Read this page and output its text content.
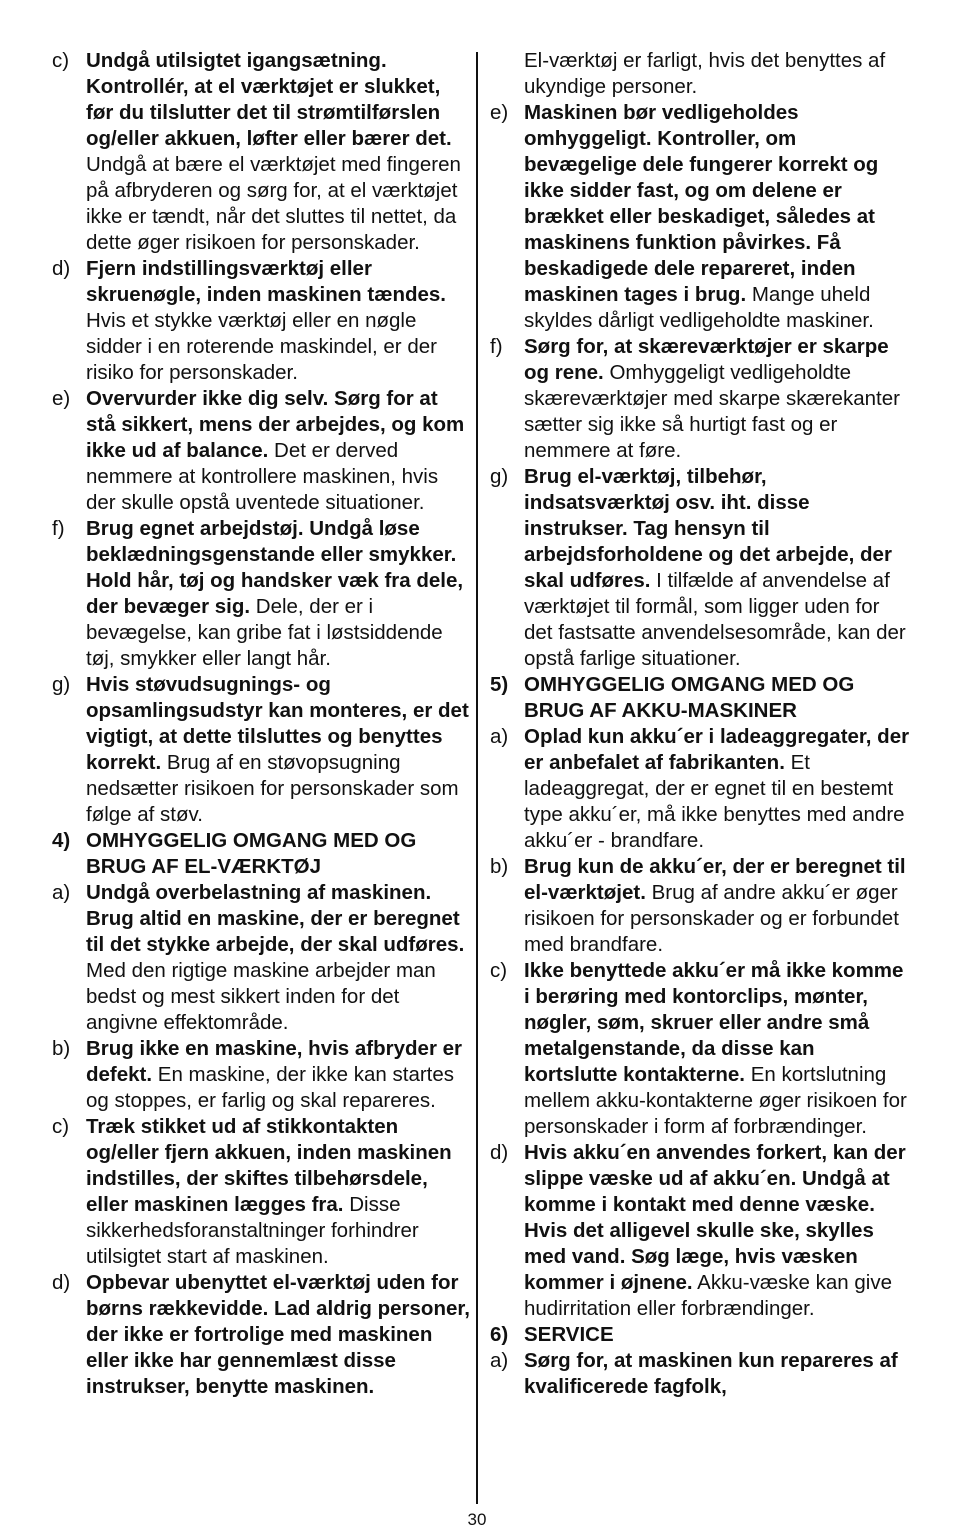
c) Undgå utilsigtet igangsætning. Kontrollér, at el værktøjet er slukket, før du tilslutter det til strømtilførslen og/eller akkuen, løfter eller bærer det. Undgå at bære el værktøjet med fingeren på afbryderen og sørg for, at el værktøjet ikke er tændt, når det sluttes til nettet, da dette øger risikoen for personskader.
d) Fjern indstillingsværktøj eller skruenøgle, inden maskinen tændes. Hvis et stykke værktøj eller en nøgle sidder i en roterende maskindel, er der risiko for personskader.
e) Overvurder ikke dig selv. Sørg for at stå sikkert, mens der arbejdes, og kom ikke ud af balance. Det er derved nemmere at kontrollere maskinen, hvis der skulle opstå uventede situationer.
f)	Brug egnet arbejdstøj. Undgå løse beklædningsgenstande eller smykker. Hold hår, tøj og handsker væk fra dele, der bevæger sig. Dele, der er i bevægelse, kan gribe fat i løstsiddende tøj, smykker eller langt hår.
g) Hvis støvudsugnings- og opsamlingsudstyr kan monteres, er det vigtigt, at dette tilsluttes og benyttes korrekt. Brug af en støvopsugning nedsætter risikoen for personskader som følge af støv.
4) OMHYGGELIG OMGANG MED OG BRUG AF EL-VÆRKTØJ
a) Undgå overbelastning af maskinen. Brug altid en maskine, der er beregnet til det stykke arbejde, der skal udføres. Med den rigtige maskine arbejder man bedst og mest sikkert inden for det angivne effektområde.
b) Brug ikke en maskine, hvis afbryder er defekt. En maskine, der ikke kan startes og stoppes, er farlig og skal repareres.
c) Træk stikket ud af stikkontakten og/eller fjern akkuen, inden maskinen indstilles, der skiftes tilbehørsdele, eller maskinen lægges fra. Disse sikkerhedsforanstaltninger forhindrer utilsigtet start af maskinen.
d) Opbevar ubenyttet el-værktøj uden for børns rækkevidde. Lad aldrig personer, der ikke er fortrolige med maskinen eller ikke har gennemlæst disse instrukser, benytte maskinen.
El-værktøj er farligt, hvis det benyttes af ukyndige personer.
e) Maskinen bør vedligeholdes omhyggeligt. Kontroller, om bevægelige dele fungerer korrekt og ikke sidder fast, og om delene er brækket eller beskadiget, således at maskinens funktion påvirkes. Få beskadigede dele repareret, inden maskinen tages i brug. Mange uheld skyldes dårligt vedligeholdte maskiner.
f)	Sørg for, at skæreværktøjer er skarpe og rene. Omhyggeligt vedligeholdte skæreværktøjer med skarpe skærekanter sætter sig ikke så hurtigt fast og er nemmere at føre.
g) Brug el-værktøj, tilbehør, indsatsværktøj osv. iht. disse instrukser. Tag hensyn til arbejdsforholdene og det arbejde, der skal udføres. I tilfælde af anvendelse af værktøjet til formål, som ligger uden for det fastsatte anvendelsesområde, kan der opstå farlige situationer.
5) OMHYGGELIG OMGANG MED OG BRUG AF AKKU-MASKINER
a) Oplad kun akku´er i ladeaggregater, der er anbefalet af fabrikanten. Et ladeaggregat, der er egnet til en bestemt type akku´er, må ikke benyttes med andre akku´er - brandfare.
b) Brug kun de akku´er, der er beregnet til el-værktøjet. Brug af andre akku´er øger risikoen for personskader og er forbundet med brandfare.
c) Ikke benyttede akku´er må ikke komme i berøring med kontorclips, mønter, nøgler, søm, skruer eller andre små metalgenstande, da disse kan kortslutte kontakterne. En kortslutning mellem akku-kontakterne øger risikoen for personskader i form af forbrændinger.
d) Hvis akku´en anvendes forkert, kan der slippe væske ud af akku´en. Undgå at komme i kontakt med denne væske. Hvis det alligevel skulle ske, skylles med vand. Søg læge, hvis væsken kommer i øjnene. Akku-væske kan give hudirritation eller forbrændinger.
6) SERVICE
a) Sørg for, at maskinen kun repareres af kvalificerede fagfolk,
30
